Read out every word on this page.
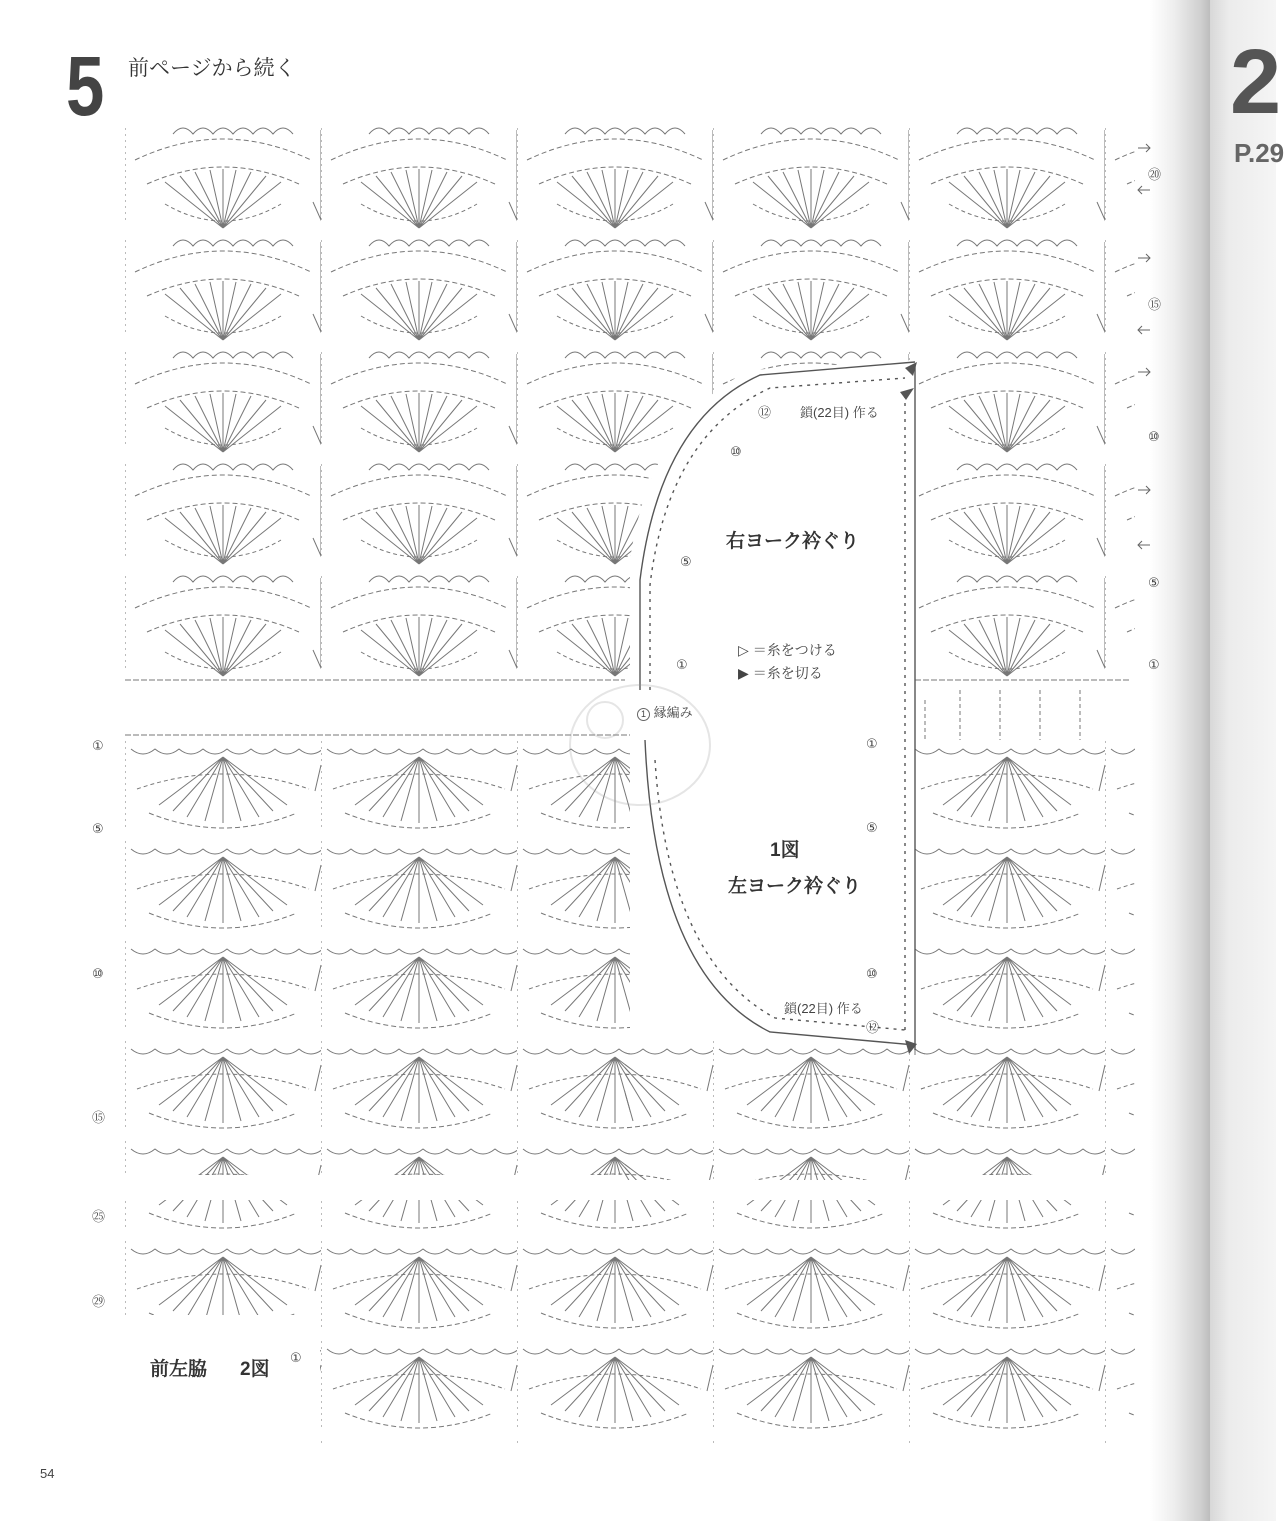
2
P.29
5 前ページから続く
右ヨーク衿ぐり
1図
左ヨーク衿ぐり
鎖(22目) 作る
鎖(22目) 作る
1 縁編み
▷ ＝糸をつける
▶ ＝糸を切る
⑳
⑮
⑩
⑤
①
⑫
⑩
⑤
①
①
⑤
⑩
⑮
①
⑤
⑩
⑫
㉕
㉙
①
前左脇 2図
54
